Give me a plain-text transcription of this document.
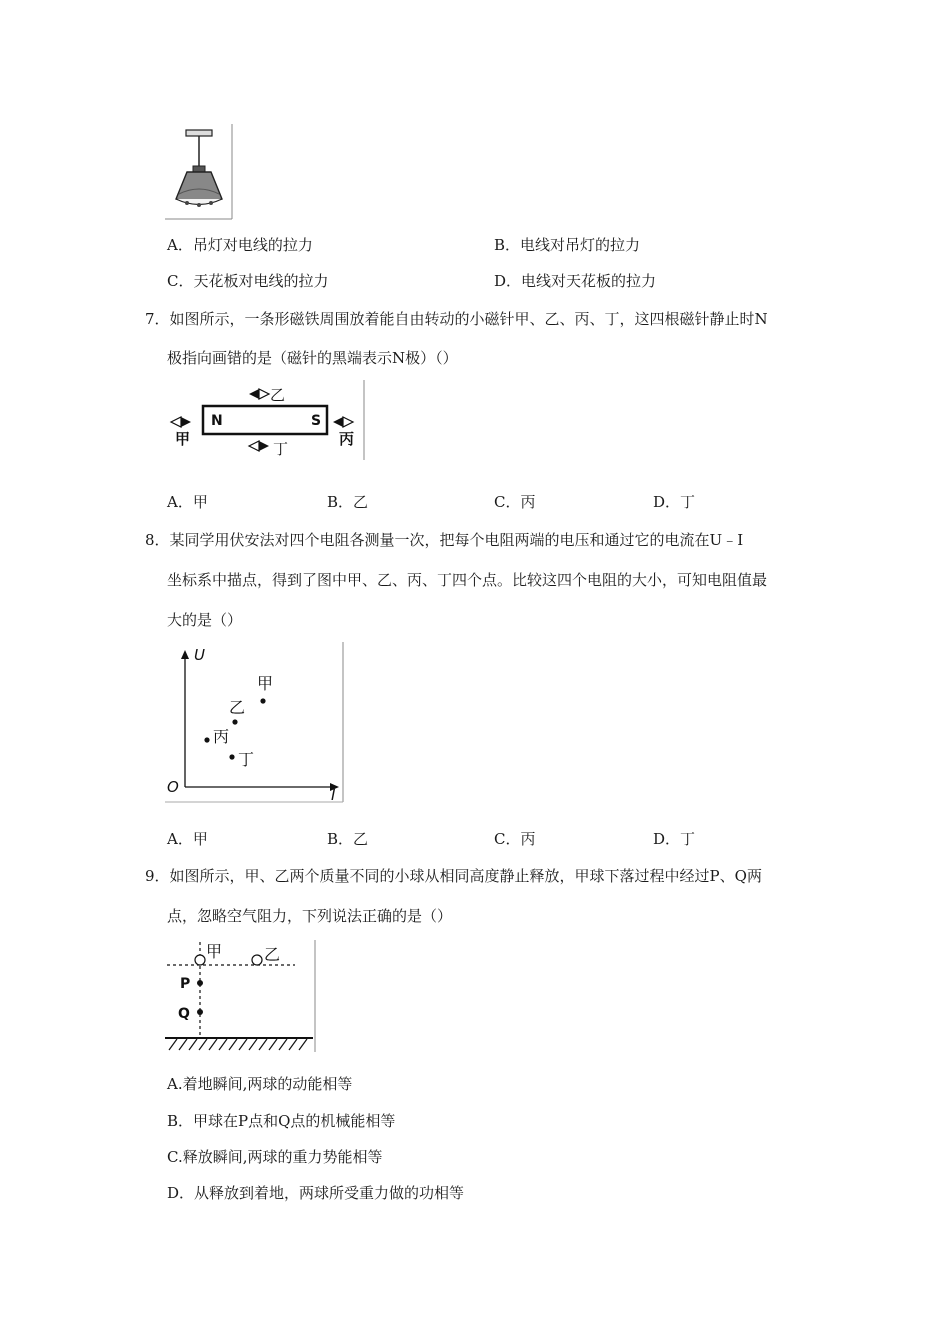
A．吊灯对电线的拉力	B．电线对吊灯的拉力
C．天花板对电线的拉力	D．电线对天花板的拉力
7．如图所示，一条形磁铁周围放着能自由转动的小磁针甲、乙、丙、丁，这四根磁针静止时N
极指向画错的是（磁针的黑端表示N极）（）
N	S
乙
丁
甲	丙
A．甲	B．乙	C．丙	D．丁
8．某同学用伏安法对四个电阻各测量一次，把每个电阻两端的电压和通过它的电流在U﹣I
坐标系中描点，得到了图中甲、乙、丙、丁四个点。比较这四个电阻的大小，可知电阻值最
大的是（）
U
I
O
甲
乙
丙
丁
A．甲	B．乙	C．丙	D．丁
9．如图所示，甲、乙两个质量不同的小球从相同高度静止释放，甲球下落过程中经过P、Q两
点，忽略空气阻力，下列说法正确的是（）
甲	乙
P
Q
A.着地瞬间,两球的动能相等
B．甲球在P点和Q点的机械能相等
C.释放瞬间,两球的重力势能相等
D．从释放到着地，两球所受重力做的功相等
